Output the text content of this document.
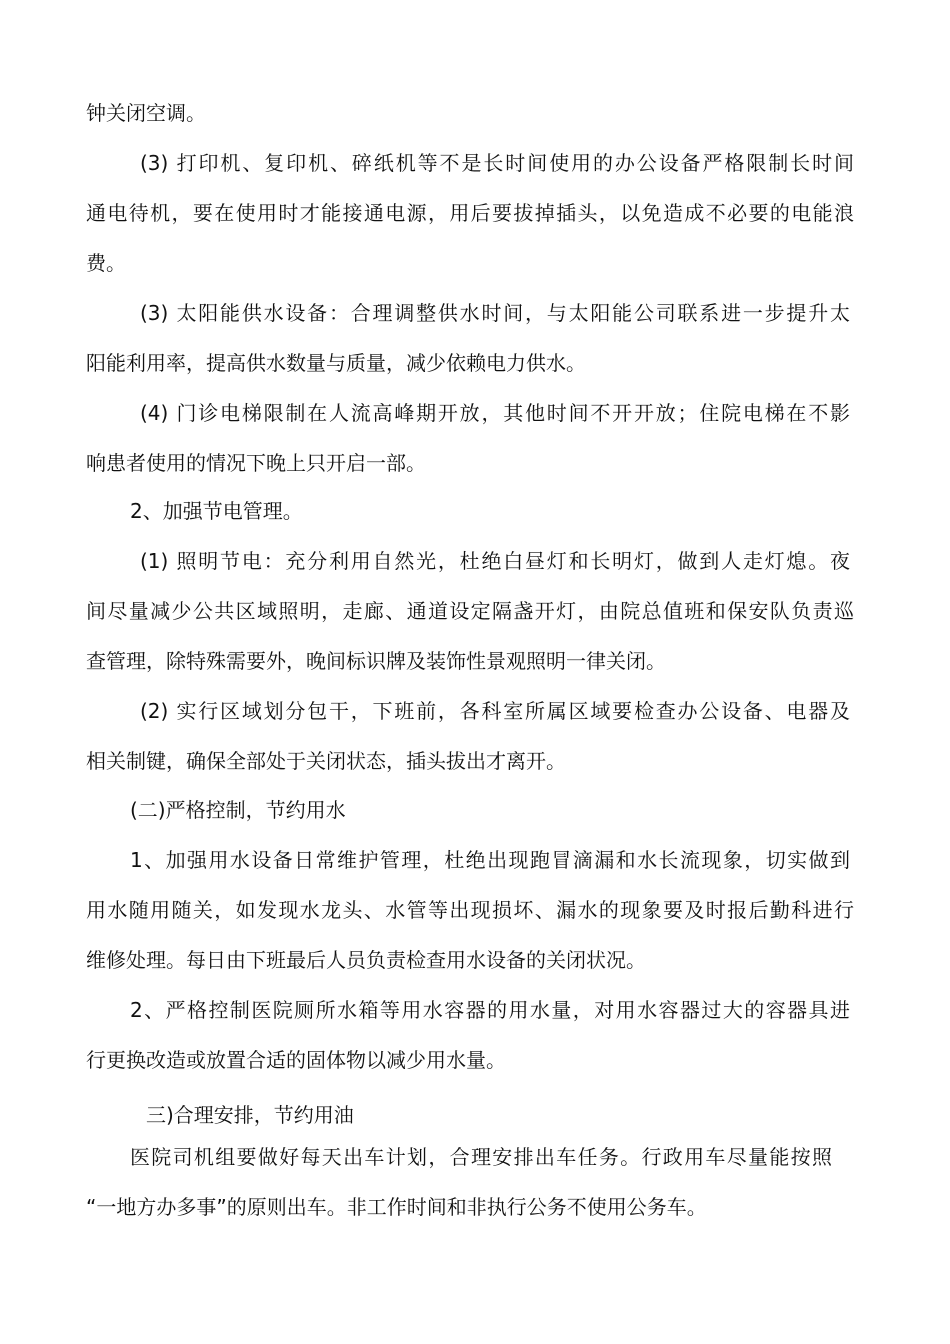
钟关闭空调。
(3) 打印机、复印机、碎纸机等不是长时间使用的办公设备严格限制长时间
通电待机，要在使用时才能接通电源，用后要拔掉插头，以免造成不必要的电能浪
费。
(3) 太阳能供水设备：合理调整供水时间，与太阳能公司联系进一步提升太
阳能利用率，提高供水数量与质量，减少依赖电力供水。
(4) 门诊电梯限制在人流高峰期开放，其他时间不开开放；住院电梯在不影
响患者使用的情况下晚上只开启一部。
2、加强节电管理。
(1) 照明节电：充分利用自然光，杜绝白昼灯和长明灯，做到人走灯熄。夜
间尽量减少公共区域照明，走廊、通道设定隔盏开灯，由院总值班和保安队负责巡
查管理，除特殊需要外，晚间标识牌及装饰性景观照明一律关闭。
(2) 实行区域划分包干，下班前，各科室所属区域要检查办公设备、电器及
相关制键，确保全部处于关闭状态，插头拔出才离开。
(二)严格控制，节约用水
1、加强用水设备日常维护管理，杜绝出现跑冒滴漏和水长流现象，切实做到
用水随用随关，如发现水龙头、水管等出现损坏、漏水的现象要及时报后勤科进行
维修处理。每日由下班最后人员负责检查用水设备的关闭状况。
2、严格控制医院厕所水箱等用水容器的用水量，对用水容器过大的容器具进
行更换改造或放置合适的固体物以减少用水量。
三)合理安排，节约用油
医院司机组要做好每天出车计划，合理安排出车任务。行政用车尽量能按照
“一地方办多事”的原则出车。非工作时间和非执行公务不使用公务车。
